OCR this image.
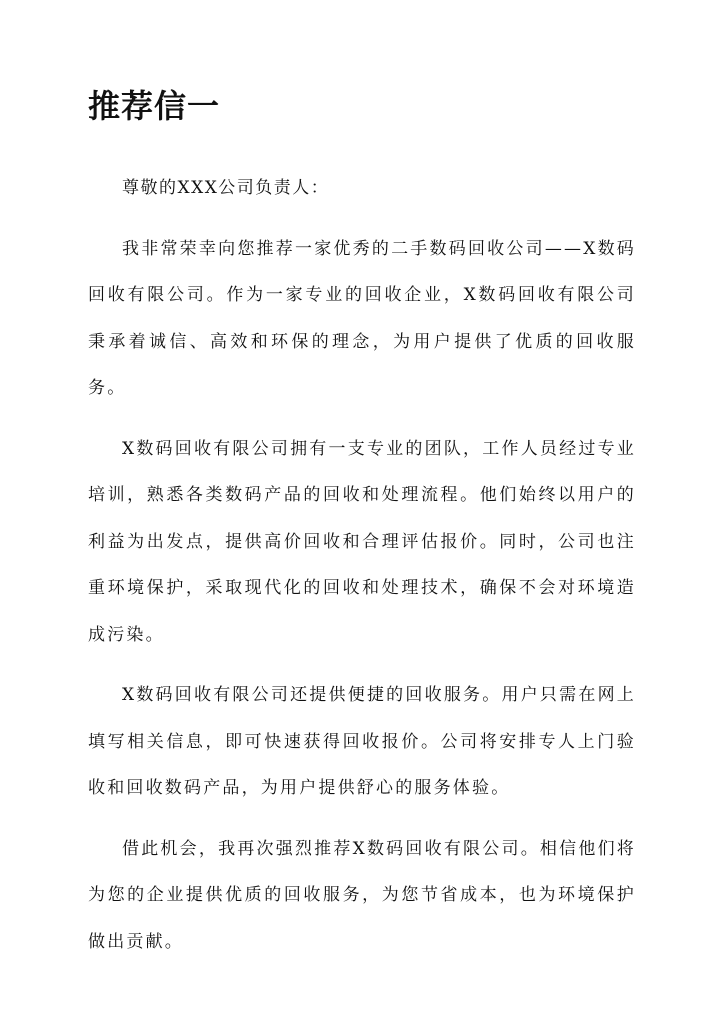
推荐信一

尊敬的XXX公司负责人：

我非常荣幸向您推荐一家优秀的二手数码回收公司——X数码回收有限公司。作为一家专业的回收企业，X数码回收有限公司秉承着诚信、高效和环保的理念，为用户提供了优质的回收服务。

X数码回收有限公司拥有一支专业的团队，工作人员经过专业培训，熟悉各类数码产品的回收和处理流程。他们始终以用户的利益为出发点，提供高价回收和合理评估报价。同时，公司也注重环境保护，采取现代化的回收和处理技术，确保不会对环境造成污染。

X数码回收有限公司还提供便捷的回收服务。用户只需在网上填写相关信息，即可快速获得回收报价。公司将安排专人上门验收和回收数码产品，为用户提供舒心的服务体验。

借此机会，我再次强烈推荐X数码回收有限公司。相信他们将为您的企业提供优质的回收服务，为您节省成本，也为环境保护做出贡献。
